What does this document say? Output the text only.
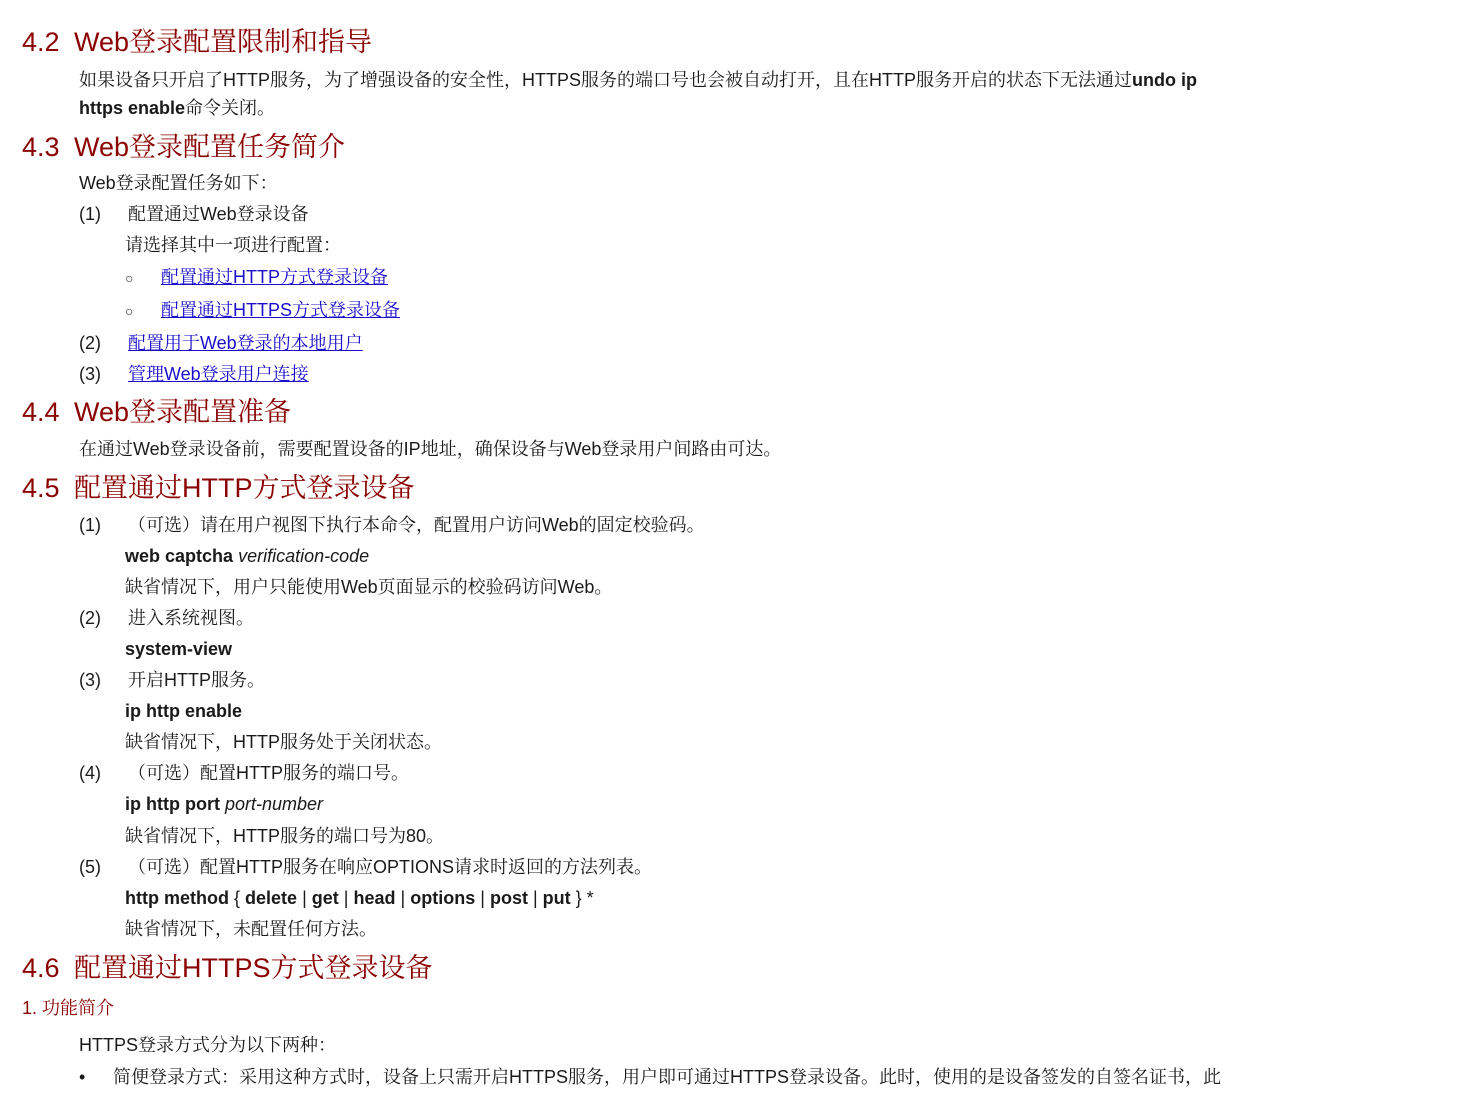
4.2 Web登录配置限制和指导
如果设备只开启了HTTP服务，为了增强设备的安全性，HTTPS服务的端口号也会被自动打开，且在HTTP服务开启的状态下无法通过undo ip
https enable命令关闭。
4.3 Web登录配置任务简介
Web登录配置任务如下：
(1) 配置通过Web登录设备
请选择其中一项进行配置：
○ 配置通过HTTP方式登录设备
○ 配置通过HTTPS方式登录设备
(2) 配置用于Web登录的本地用户
(3) 管理Web登录用户连接
4.4 Web登录配置准备
在通过Web登录设备前，需要配置设备的IP地址，确保设备与Web登录用户间路由可达。
4.5 配置通过HTTP方式登录设备
(1) （可选）请在用户视图下执行本命令，配置用户访问Web的固定校验码。
web captcha verification-code
缺省情况下，用户只能使用Web页面显示的校验码访问Web。
(2) 进入系统视图。
system-view
(3) 开启HTTP服务。
ip http enable
缺省情况下，HTTP服务处于关闭状态。
(4) （可选）配置HTTP服务的端口号。
ip http port port-number
缺省情况下，HTTP服务的端口号为80。
(5) （可选）配置HTTP服务在响应OPTIONS请求时返回的方法列表。
http method { delete | get | head | options | post | put } *
缺省情况下，未配置任何方法。
4.6 配置通过HTTPS方式登录设备
1. 功能简介
HTTPS登录方式分为以下两种：
• 简便登录方式：采用这种方式时，设备上只需开启HTTPS服务，用户即可通过HTTPS登录设备。此时，使用的是设备签发的自签名证书，此
